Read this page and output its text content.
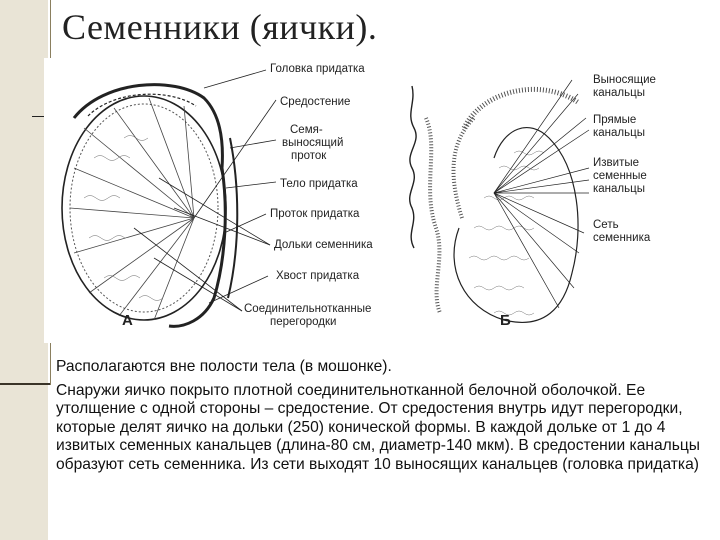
Семенники (яички).
Головка придатка
Средостение
Семя-
выносящий
проток
Тело придатка
Проток придатка
Дольки семенника
Хвост придатка
Соединительнотканные
перегородки
Выносящие
канальцы
Прямые
канальцы
Извитые
семенные
канальцы
Сеть
семенника
А	Б

Располагаются вне полости тела (в мошонке).

Снаружи яичко покрыто плотной соединительнотканной белочной оболочкой. Ее утолщение с одной стороны – средостение. От средостения внутрь идут перегородки, которые делят яичко на дольки (250) конической формы. В каждой дольке от 1 до 4 извитых семенных канальцев (длина-80 см, диаметр-140 мкм). В средостении канальцы образуют сеть семенника. Из сети выходят 10 выносящих канальцев (головка придатка)
